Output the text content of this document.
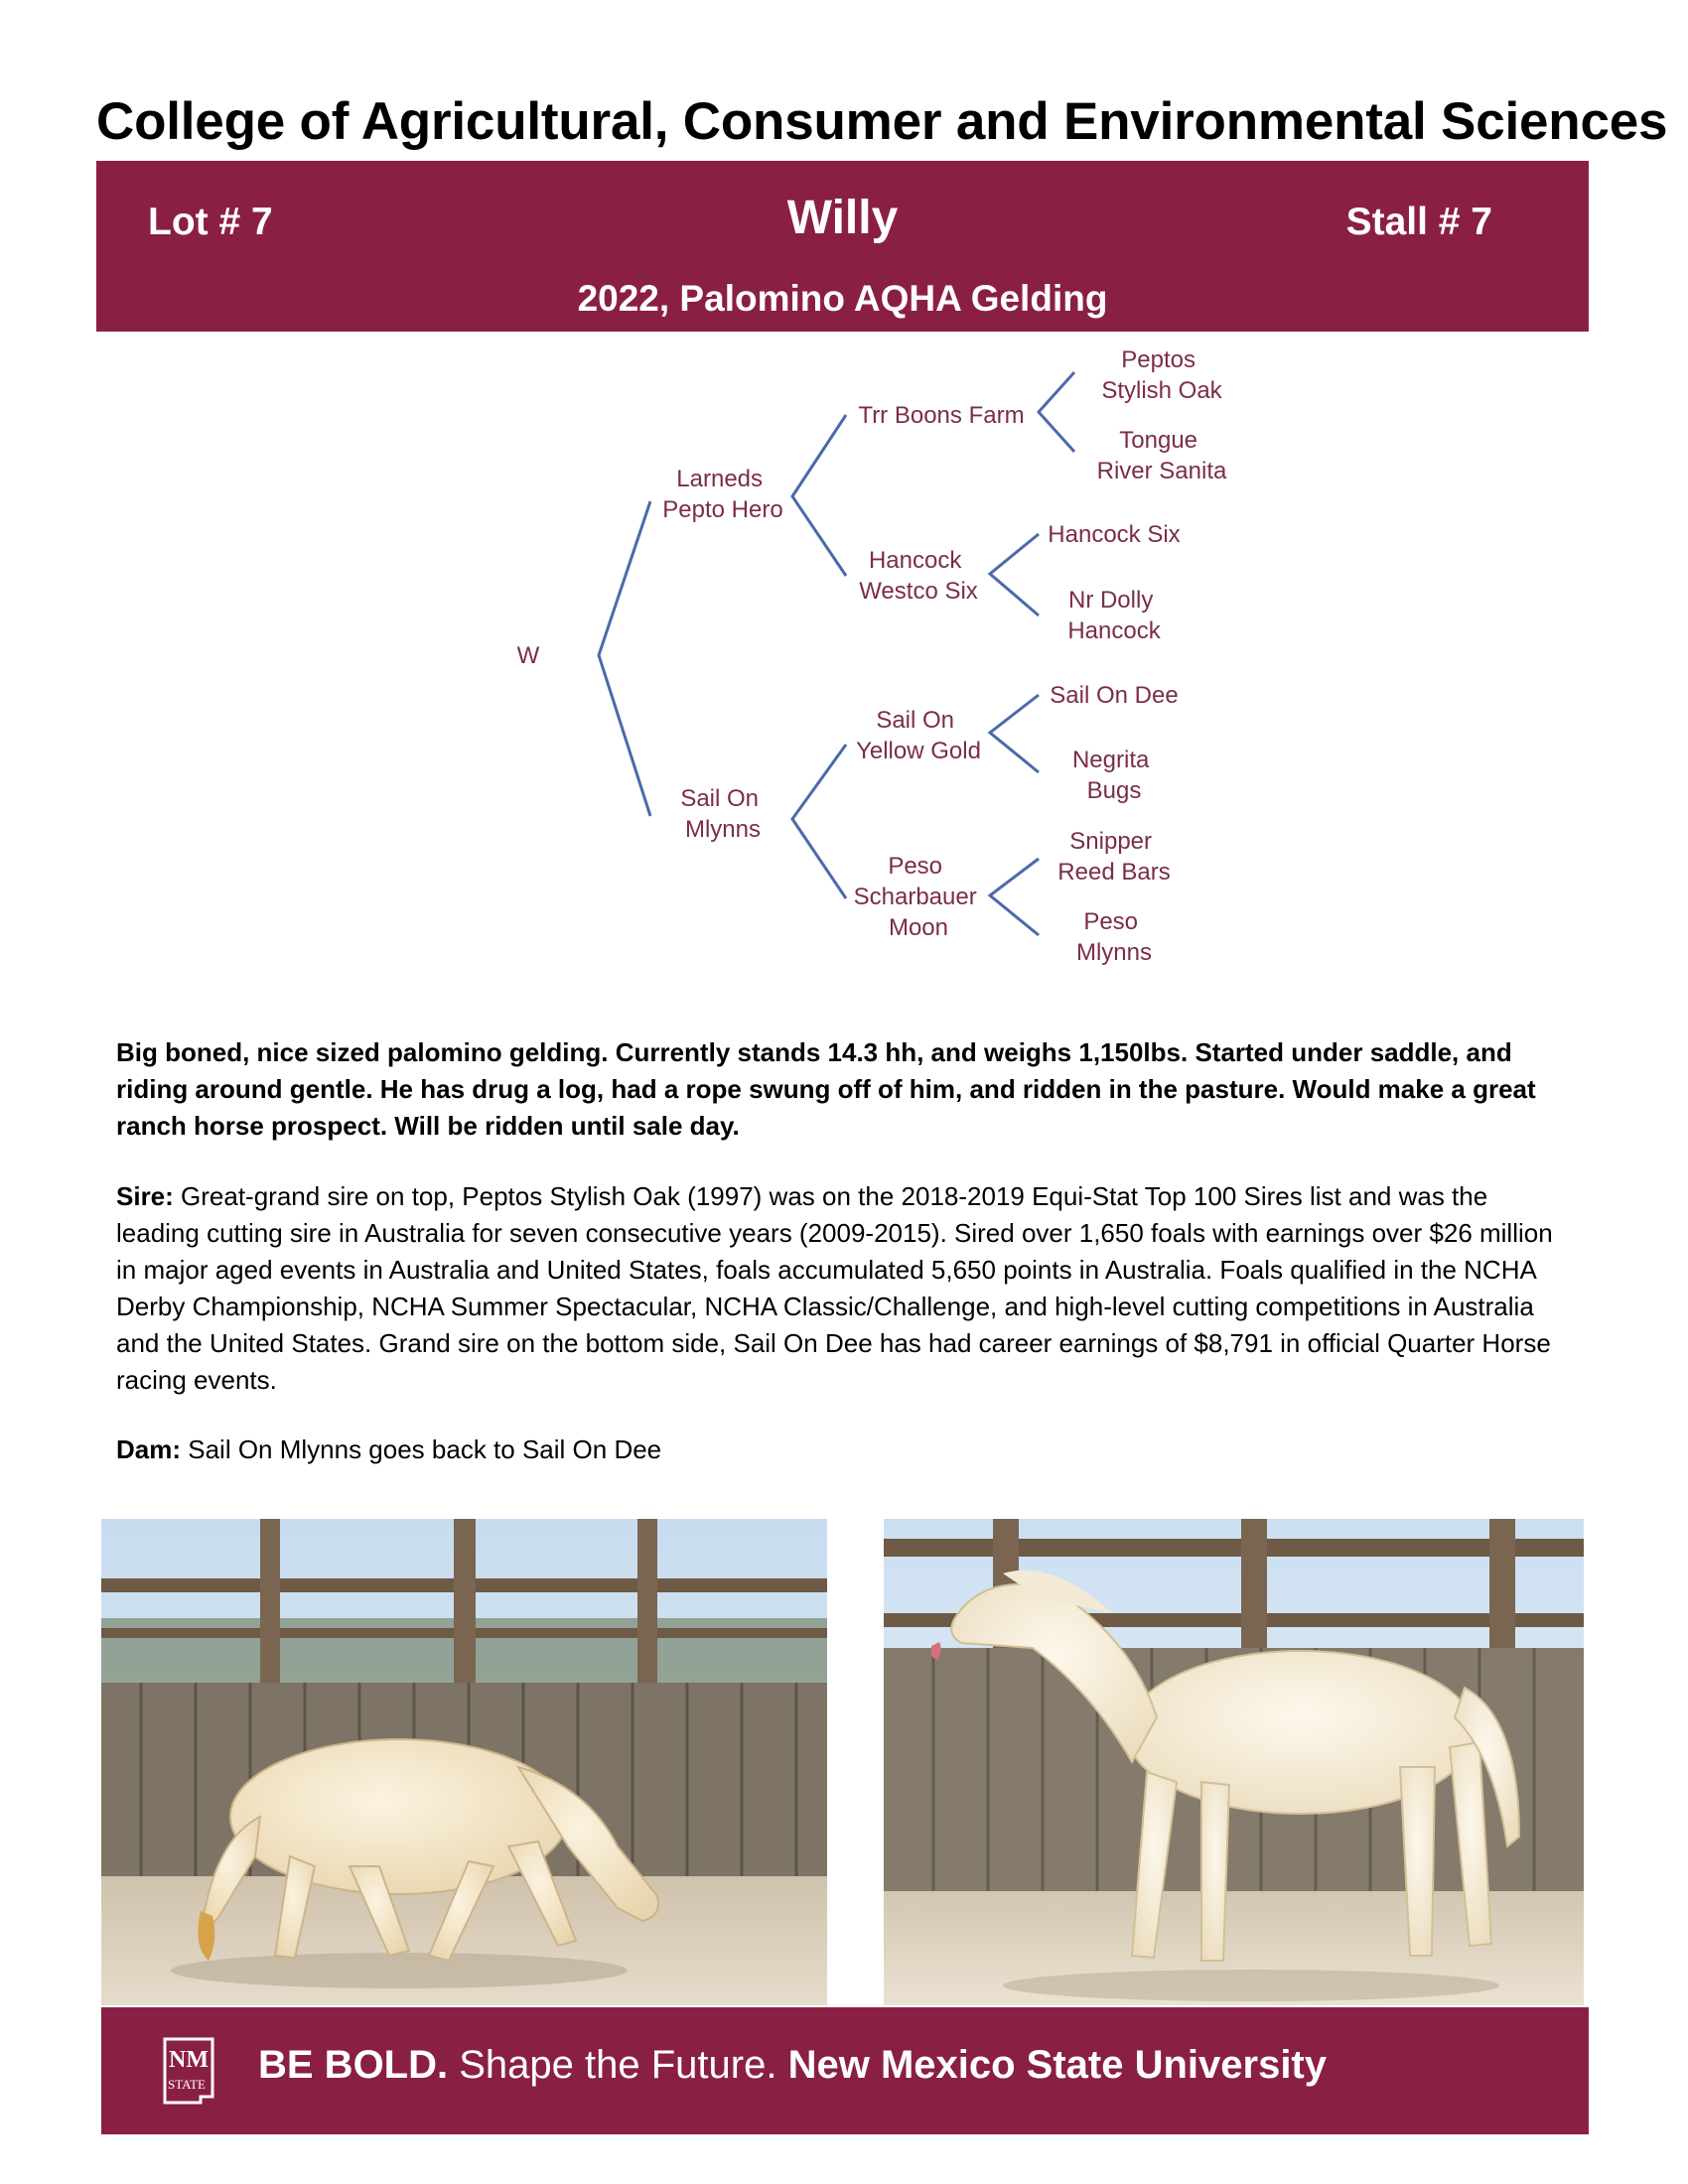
College of Agricultural, Consumer and Environmental Sciences
Lot # 7	Willy	Stall # 7
2022, Palomino AQHA Gelding
W
Larneds Pepto Hero
Sail On Mlynns
Trr Boons Farm
Hancock Westco Six
Sail On Yellow Gold
Peso Scharbauer Moon
Peptos Stylish Oak
Tongue River Sanita
Hancock Six
Nr Dolly Hancock
Sail On Dee
Negrita Bugs
Snipper Reed Bars
Peso Mlynns

Big boned, nice sized palomino gelding. Currently stands 14.3 hh, and weighs 1,150lbs. Started under saddle, and riding around gentle. He has drug a log, had a rope swung off of him, and ridden in the pasture. Would make a great ranch horse prospect. Will be ridden until sale day.

Sire: Great-grand sire on top, Peptos Stylish Oak (1997) was on the 2018-2019 Equi-Stat Top 100 Sires list and was the leading cutting sire in Australia for seven consecutive years (2009-2015). Sired over 1,650 foals with earnings over $26 million in major aged events in Australia and United States, foals accumulated 5,650 points in Australia. Foals qualified in the NCHA Derby Championship, NCHA Summer Spectacular, NCHA Classic/Challenge, and high-level cutting competitions in Australia and the United States. Grand sire on the bottom side, Sail On Dee has had career earnings of $8,791 in official Quarter Horse racing events.

Dam: Sail On Mlynns goes back to Sail On Dee

NM
STATE BE BOLD. Shape the Future. New Mexico State University
